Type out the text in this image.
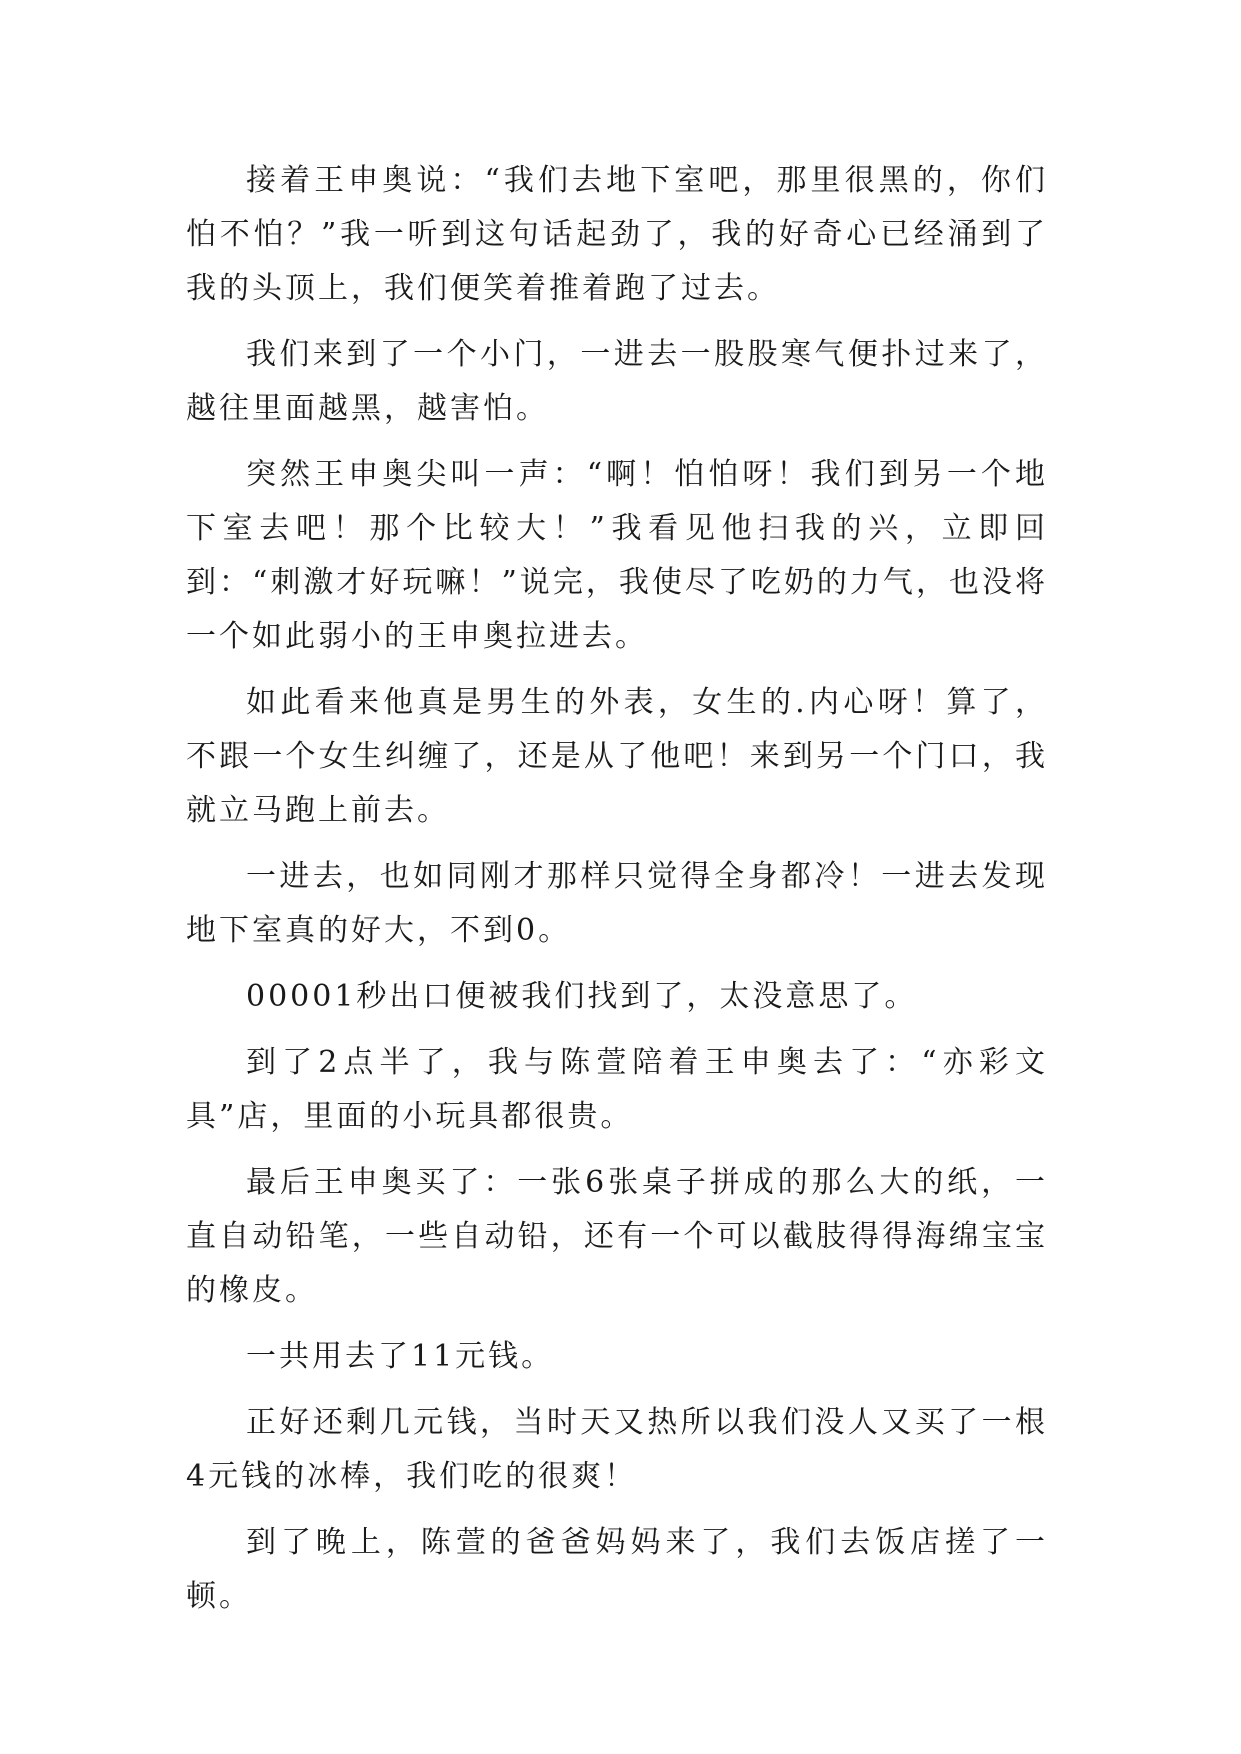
接着王申奥说：“我们去地下室吧，那里很黑的，你们怕不怕？”我一听到这句话起劲了，我的好奇心已经涌到了我的头顶上，我们便笑着推着跑了过去。

我们来到了一个小门，一进去一股股寒气便扑过来了，越往里面越黑，越害怕。

突然王申奥尖叫一声：“啊！怕怕呀！我们到另一个地下室去吧！那个比较大！”我看见他扫我的兴，立即回到：“刺激才好玩嘛！”说完，我使尽了吃奶的力气，也没将一个如此弱小的王申奥拉进去。

如此看来他真是男生的外表，女生的.内心呀！算了，不跟一个女生纠缠了，还是从了他吧！来到另一个门口，我就立马跑上前去。

一进去，也如同刚才那样只觉得全身都冷！一进去发现地下室真的好大，不到0。

00001秒出口便被我们找到了，太没意思了。

到了2点半了，我与陈萱陪着王申奥去了：“亦彩文具”店，里面的小玩具都很贵。

最后王申奥买了：一张6张桌子拼成的那么大的纸，一直自动铅笔，一些自动铅，还有一个可以截肢得得海绵宝宝的橡皮。

一共用去了11元钱。

正好还剩几元钱，当时天又热所以我们没人又买了一根4元钱的冰棒，我们吃的很爽！

到了晚上，陈萱的爸爸妈妈来了，我们去饭店搓了一顿。
